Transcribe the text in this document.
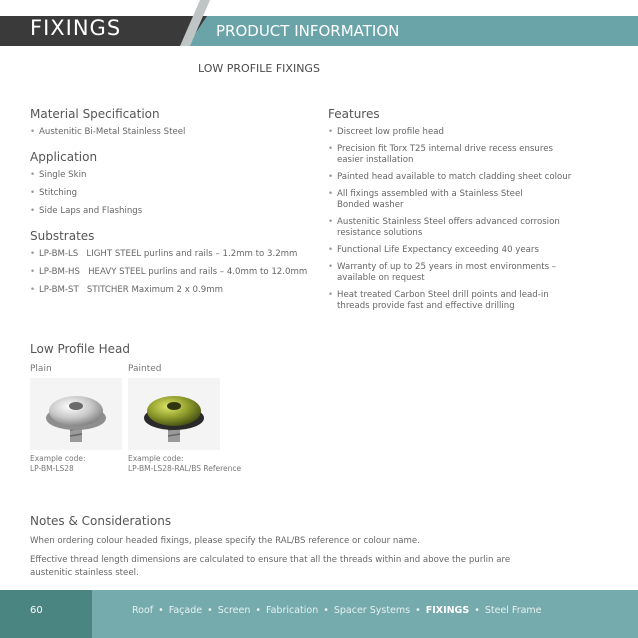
FIXINGS	PRODUCT INFORMATION
LOW PROFILE FIXINGS
Material Specification
• Austenitic Bi-Metal Stainless Steel
Application
• Single Skin
• Stitching
• Side Laps and Flashings
Substrates
• LP-BM-LS   LIGHT STEEL purlins and rails – 1.2mm to 3.2mm
• LP-BM-HS   HEAVY STEEL purlins and rails – 4.0mm to 12.0mm
• LP-BM-ST   STITCHER Maximum 2 x 0.9mm
Features
• Discreet low profile head
• Precision fit Torx T25 internal drive recess ensures easier installation
• Painted head available to match cladding sheet colour
• All fixings assembled with a Stainless Steel Bonded washer
• Austenitic Stainless Steel offers advanced corrosion resistance solutions
• Functional Life Expectancy exceeding 40 years
• Warranty of up to 25 years in most environments – available on request
• Heat treated Carbon Steel drill points and lead-in threads provide fast and effective drilling
Low Profile Head
Plain	Painted
Example code:
LP-BM-LS28
Example code:
LP-BM-LS28-RAL/BS Reference
Notes & Considerations

When ordering colour headed fixings, please specify the RAL/BS reference or colour name.

Effective thread length dimensions are calculated to ensure that all the threads within and above the purlin are austenitic stainless steel.

60	Roof • Façade • Screen • Fabrication • Spacer Systems • FIXINGS • Steel Frame
